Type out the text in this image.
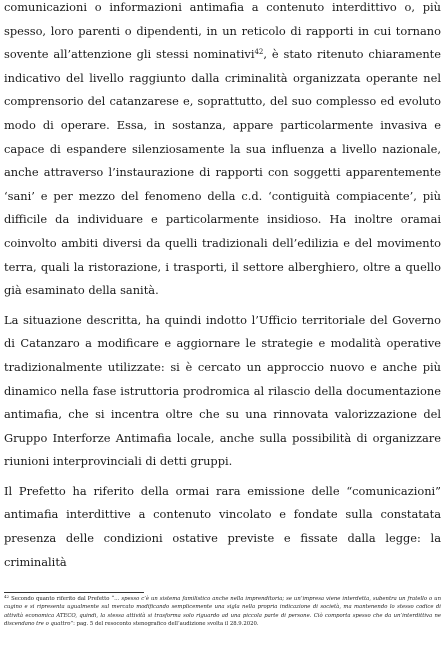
comunicazioni o informazioni antimafia a contenuto interdittivo o, più spesso, loro parenti o dipendenti, in un reticolo di rapporti in cui tornano sovente all’attenzione gli stessi nominativi$^{42}$, è stato ritenuto chiaramente indicativo del livello raggiunto dalla criminalità organizzata operante nel comprensorio del catanzarese e, soprattutto, del suo complesso ed evoluto modo di operare. Essa, in sostanza, appare particolarmente invasiva e capace di espandere silenziosamente la sua influenza a livello nazionale, anche attraverso l’instaurazione di rapporti con soggetti apparentemente ‘sani’ e per mezzo del fenomeno della c.d. ‘contiguità compiacente’, più difficile da individuare e particolarmente insidioso. Ha inoltre oramai coinvolto ambiti diversi da quelli tradizionali dell’edilizia e del movimento terra, quali la ristorazione, i trasporti, il settore alberghiero, oltre a quello già esaminato della sanità.

La situazione descritta, ha quindi indotto l’Ufficio territoriale del Governo di Catanzaro a modificare e aggiornare le strategie e modalità operative tradizionalmente utilizzate: si è cercato un approccio nuovo e anche più dinamico nella fase istruttoria prodromica al rilascio della documentazione antimafia, che si incentra oltre che su una rinnovata valorizzazione del Gruppo Interforze Antimafia locale, anche sulla possibilità di organizzare riunioni interprovinciali di detti gruppi.

Il Prefetto ha riferito della ormai rara emissione delle “comunicazioni” antimafia interdittive a contenuto vincolato e fondate sulla constatata presenza delle condizioni ostative previste e fissate dalla legge: la criminalità

$^{42}$ Secondo quanto riferito dal Prefetto “… spesso c’è un sistema familistico anche nella imprenditoria; se un’impresa viene interdetta, subentra un fratello o un cugino e si ripresenta ugualmente sul mercato modificando semplicemente una sigla nella propria indicazione di società, ma mantenendo lo stesso codice di attività economica ATECO, quindi, la stessa attività si trasforma solo riguardo ad una piccola parte di persone. Ciò comporta spesso che da un’interdittiva ne discendano tre o quattro”: pag. 5 del resoconto stenografico dell’audizione svolta il 28.9.2020.
